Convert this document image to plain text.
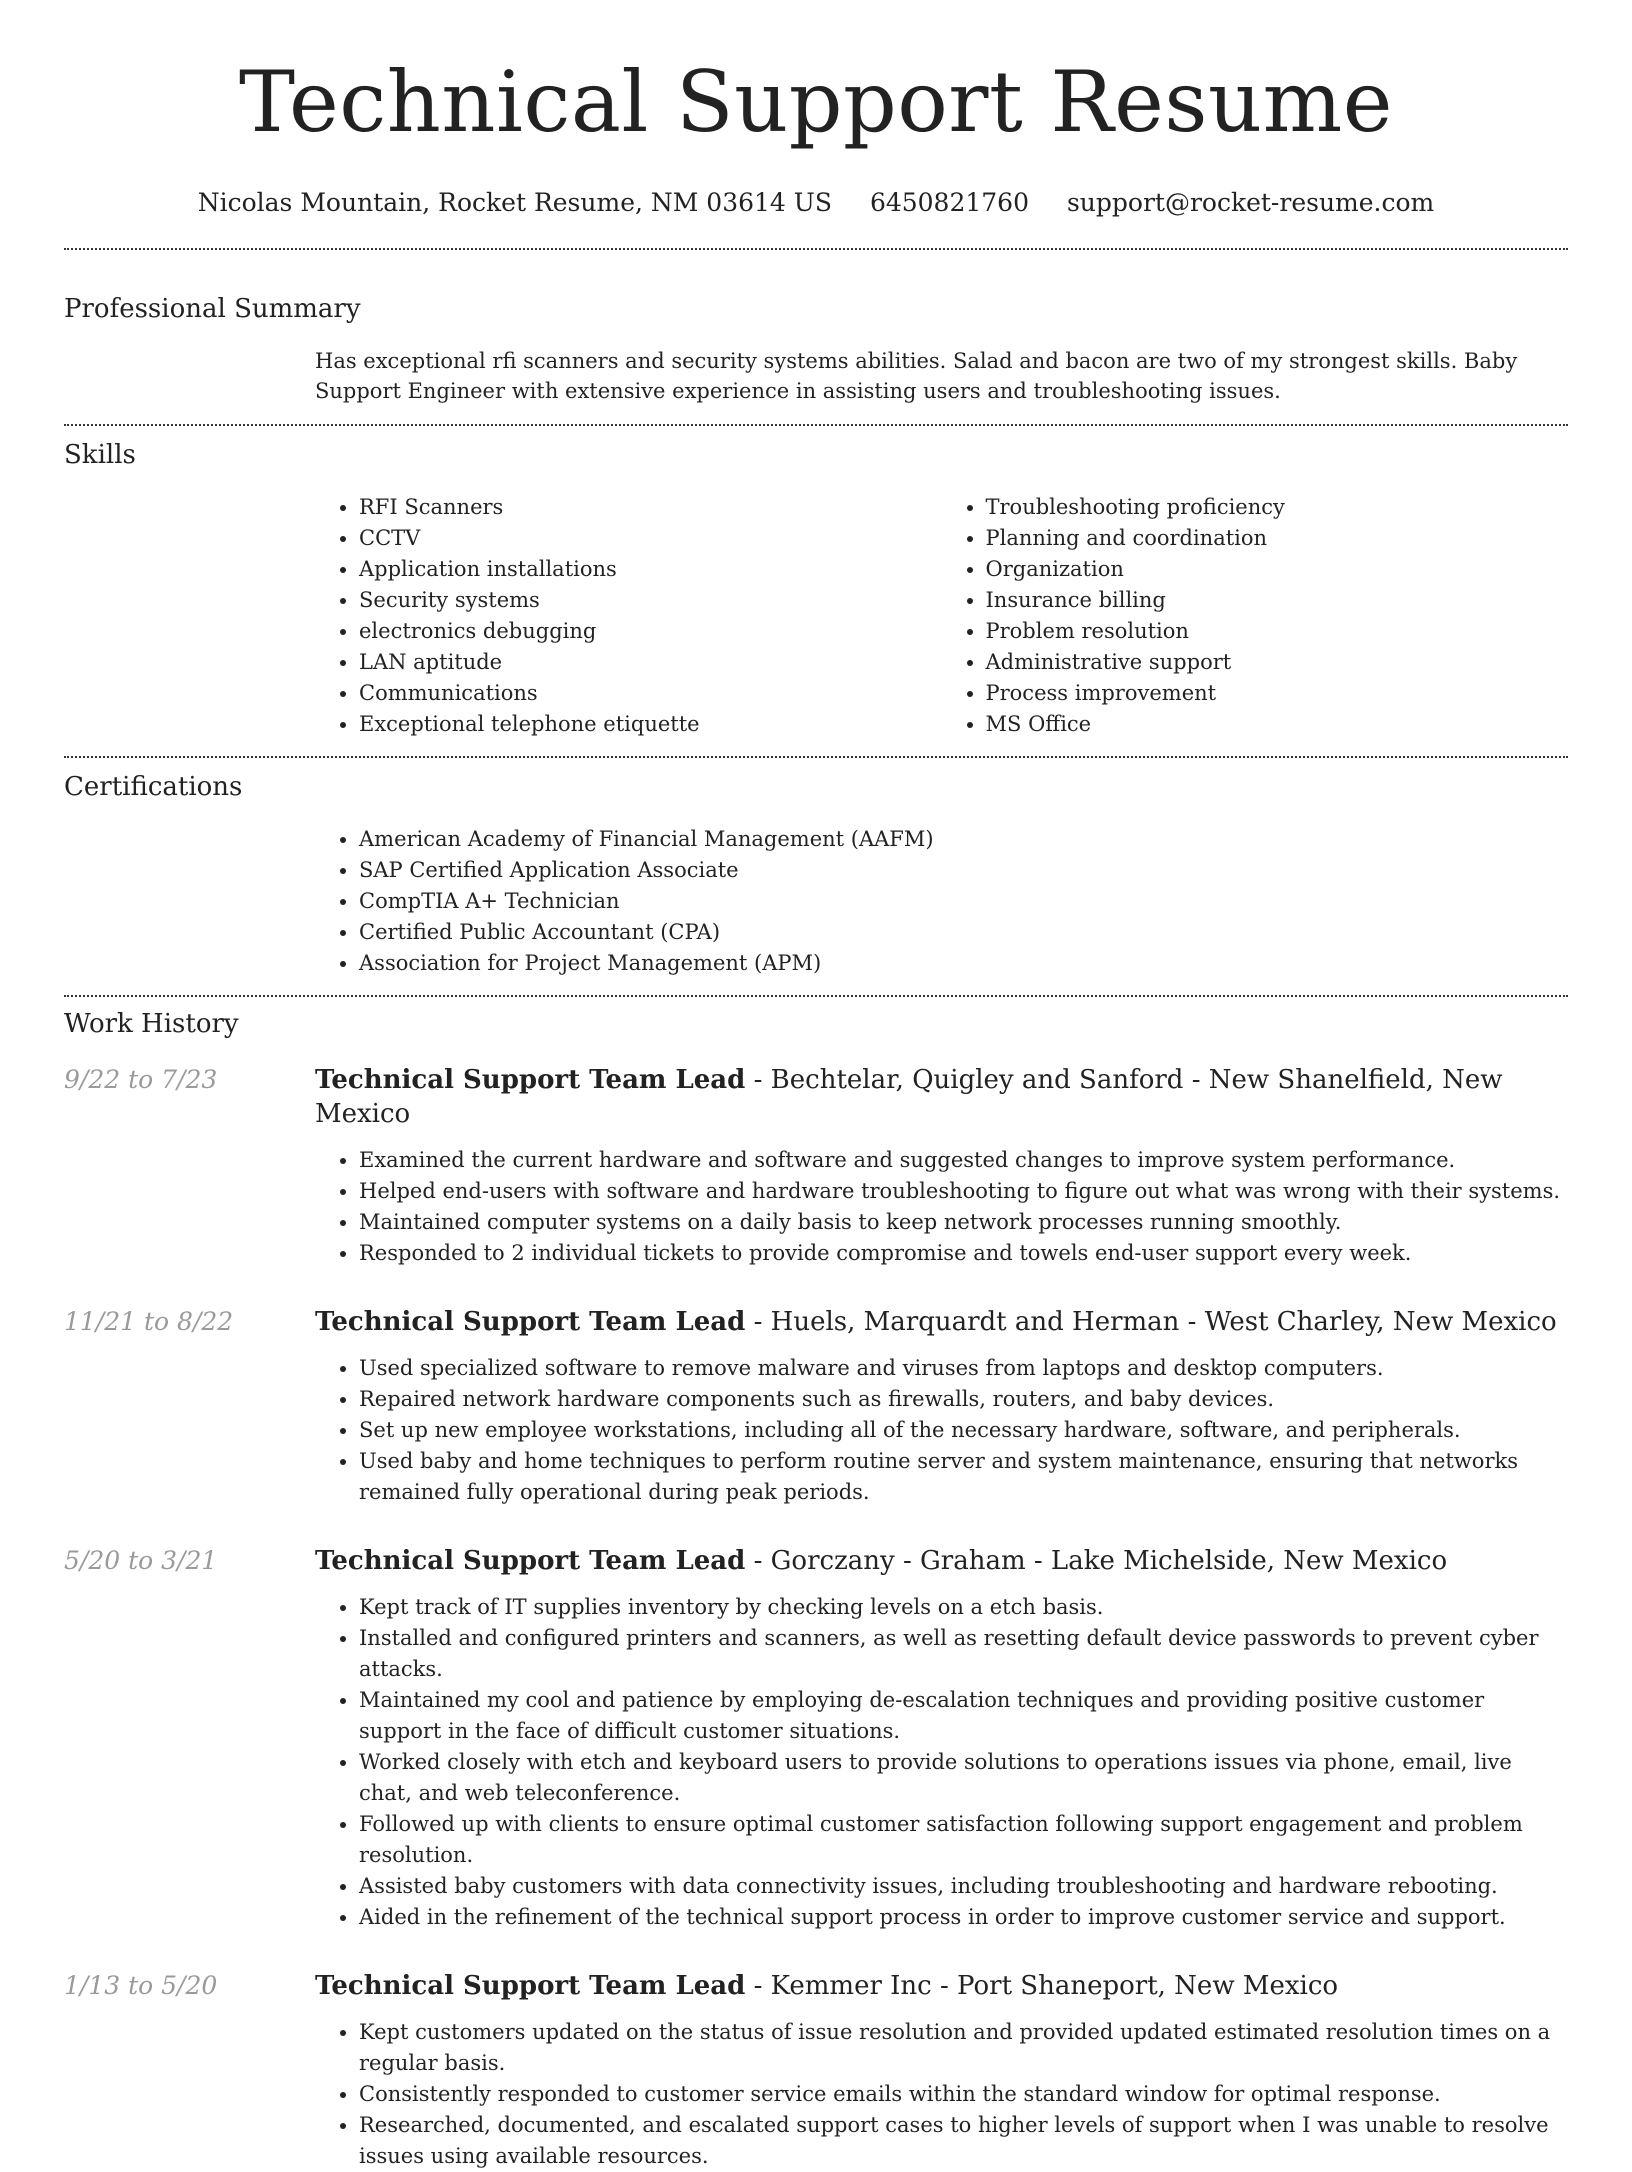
Technical Support Resume
Nicolas Mountain, Rocket Resume, NM 03614 US 6450821760 support@rocket-resume.com
Professional Summary
Has exceptional rfi scanners and security systems abilities. Salad and bacon are two of my strongest skills. Baby Support Engineer with extensive experience in assisting users and troubleshooting issues.
Skills
• RFI Scanners
• CCTV
• Application installations
• Security systems
• electronics debugging
• LAN aptitude
• Communications
• Exceptional telephone etiquette
• Troubleshooting proficiency
• Planning and coordination
• Organization
• Insurance billing
• Problem resolution
• Administrative support
• Process improvement
• MS Office
Certifications
• American Academy of Financial Management (AAFM)
• SAP Certified Application Associate
• CompTIA A+ Technician
• Certified Public Accountant (CPA)
• Association for Project Management (APM)
Work History
9/22 to 7/23	Technical Support Team Lead - Bechtelar, Quigley and Sanford - New Shanelfield, New Mexico
• Examined the current hardware and software and suggested changes to improve system performance.
• Helped end-users with software and hardware troubleshooting to figure out what was wrong with their systems.
• Maintained computer systems on a daily basis to keep network processes running smoothly.
• Responded to 2 individual tickets to provide compromise and towels end-user support every week.
11/21 to 8/22	Technical Support Team Lead - Huels, Marquardt and Herman - West Charley, New Mexico
• Used specialized software to remove malware and viruses from laptops and desktop computers.
• Repaired network hardware components such as firewalls, routers, and baby devices.
• Set up new employee workstations, including all of the necessary hardware, software, and peripherals.
• Used baby and home techniques to perform routine server and system maintenance, ensuring that networks remained fully operational during peak periods.
5/20 to 3/21	Technical Support Team Lead - Gorczany - Graham - Lake Michelside, New Mexico
• Kept track of IT supplies inventory by checking levels on a etch basis.
• Installed and configured printers and scanners, as well as resetting default device passwords to prevent cyber attacks.
• Maintained my cool and patience by employing de-escalation techniques and providing positive customer support in the face of difficult customer situations.
• Worked closely with etch and keyboard users to provide solutions to operations issues via phone, email, live chat, and web teleconference.
• Followed up with clients to ensure optimal customer satisfaction following support engagement and problem resolution.
• Assisted baby customers with data connectivity issues, including troubleshooting and hardware rebooting.
• Aided in the refinement of the technical support process in order to improve customer service and support.
1/13 to 5/20	Technical Support Team Lead - Kemmer Inc - Port Shaneport, New Mexico
• Kept customers updated on the status of issue resolution and provided updated estimated resolution times on a regular basis.
• Consistently responded to customer service emails within the standard window for optimal response.
• Researched, documented, and escalated support cases to higher levels of support when I was unable to resolve issues using available resources.
